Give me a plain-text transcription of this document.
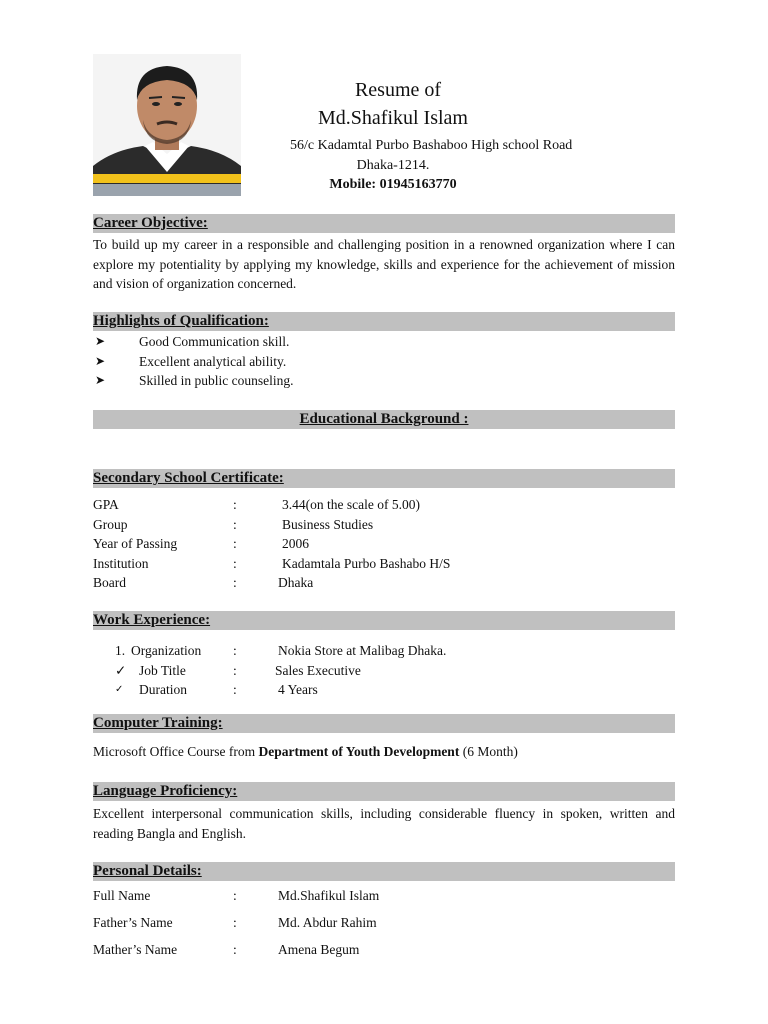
Resume of
Md.Shafikul Islam
56/c Kadamtal Purbo Bashaboo High school Road
Dhaka-1214.
Mobile: 01945163770
Career Objective:
To build up my career in a responsible and challenging position in a renowned organization where I can explore my potentiality by applying my knowledge, skills and experience for the achievement of mission and vision of organization concerned.
Highlights of Qualification:
➤	Good Communication skill.
➤	Excellent analytical ability.
➤	Skilled in public counseling.
Educational Background :
Secondary School Certificate:
GPA	:	3.44(on the scale of 5.00)
Group	:	Business Studies
Year of Passing	:	2006
Institution	:	Kadamtala Purbo Bashabo H/S
Board	:	Dhaka
Work Experience:
1. Organization :	Nokia Store at Malibag Dhaka.
✓ Job Title	:	Sales Executive
✓ Duration	:	4 Years
Computer Training:
Microsoft Office Course from Department of Youth Development (6 Month)
Language Proficiency:
Excellent interpersonal communication skills, including considerable fluency in spoken, written and reading Bangla and English.
Personal Details:
Full Name	:	Md.Shafikul Islam
Father’s Name	:	Md. Abdur Rahim
Mather’s Name	:	Amena Begum
